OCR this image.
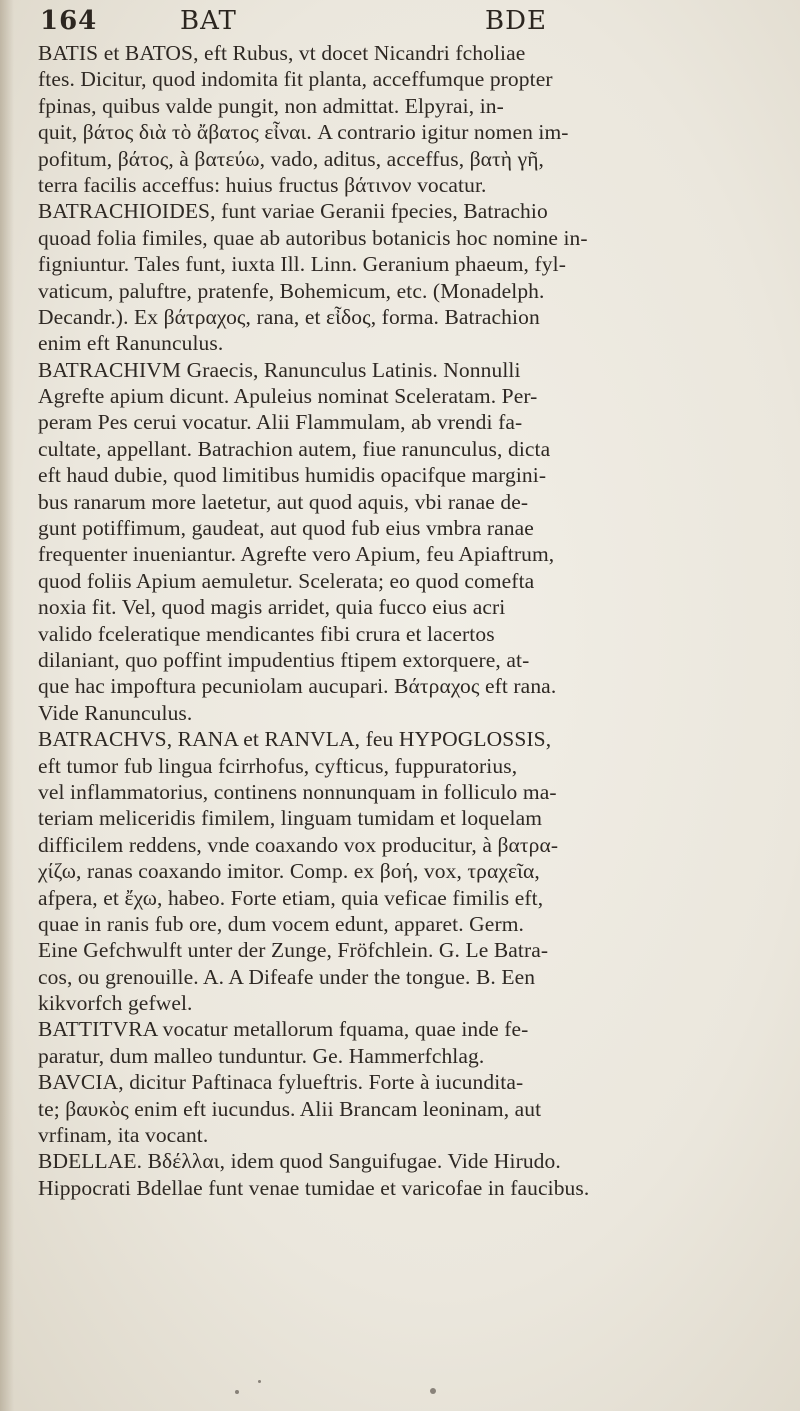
164	BAT	BDE
BATIS et BATOS, eft Rubus, vt docet Nicandri fcholiae
ftes. Dicitur, quod indomita fit planta, acceffumque propter
fpinas, quibus valde pungit, non admittat. Elpyrai, in-
quit, βάτος διὰ τὸ ἄβατος εἶναι. A contrario igitur nomen im-
pofitum, βάτος, à βατεύω, vado, aditus, acceffus, βατὴ γῆ,
terra facilis acceffus: huius fructus βάτινον vocatur.
BATRACHIOIDES, funt variae Geranii fpecies, Batrachio
quoad folia fimiles, quae ab autoribus botanicis hoc nomine in-
figniuntur. Tales funt, iuxta Ill. Linn. Geranium phaeum, fyl-
vaticum, paluftre, pratenfe, Bohemicum, etc. (Monadelph.
Decandr.). Ex βάτραχος, rana, et εἶδος, forma. Batrachion
enim eft Ranunculus.
BATRACHIVM Graecis, Ranunculus Latinis. Nonnulli
Agrefte apium dicunt. Apuleius nominat Sceleratam. Per-
peram Pes cerui vocatur. Alii Flammulam, ab vrendi fa-
cultate, appellant. Batrachion autem, fiue ranunculus, dicta
eft haud dubie, quod limitibus humidis opacifque margini-
bus ranarum more laetetur, aut quod aquis, vbi ranae de-
gunt potiffimum, gaudeat, aut quod fub eius vmbra ranae
frequenter inueniantur. Agrefte vero Apium, feu Apiaftrum,
quod foliis Apium aemuletur. Scelerata; eo quod comefta
noxia fit. Vel, quod magis arridet, quia fucco eius acri
valido fceleratique mendicantes fibi crura et lacertos
dilaniant, quo poffint impudentius ftipem extorquere, at-
que hac impoftura pecuniolam aucupari. Βάτραχος eft rana.
Vide Ranunculus.
BATRACHVS, RANA et RANVLA, feu HYPOGLOSSIS,
eft tumor fub lingua fcirrhofus, cyfticus, fuppuratorius,
vel inflammatorius, continens nonnunquam in folliculo ma-
teriam meliceridis fimilem, linguam tumidam et loquelam
difficilem reddens, vnde coaxando vox producitur, à βατρα-
χίζω, ranas coaxando imitor. Comp. ex βοή, vox, τραχεῖα,
afpera, et ἔχω, habeo. Forte etiam, quia veficae fimilis eft,
quae in ranis fub ore, dum vocem edunt, apparet. Germ.
Eine Gefchwulft unter der Zunge, Fröfchlein. G. Le Batra-
cos, ou grenouille. A. A Difeafe under the tongue. B. Een
kikvorfch gefwel.
BATTITVRA vocatur metallorum fquama, quae inde fe-
paratur, dum malleo tunduntur. Ge. Hammerfchlag.
BAVCIA, dicitur Paftinaca fylueftris. Forte à iucundita-
te; βαυκὸς enim eft iucundus. Alii Brancam leoninam, aut
vrfinam, ita vocant.
BDELLAE. Βδέλλαι, idem quod Sanguifugae. Vide Hirudo.
Hippocrati Bdellae funt venae tumidae et varicofae in faucibus.
